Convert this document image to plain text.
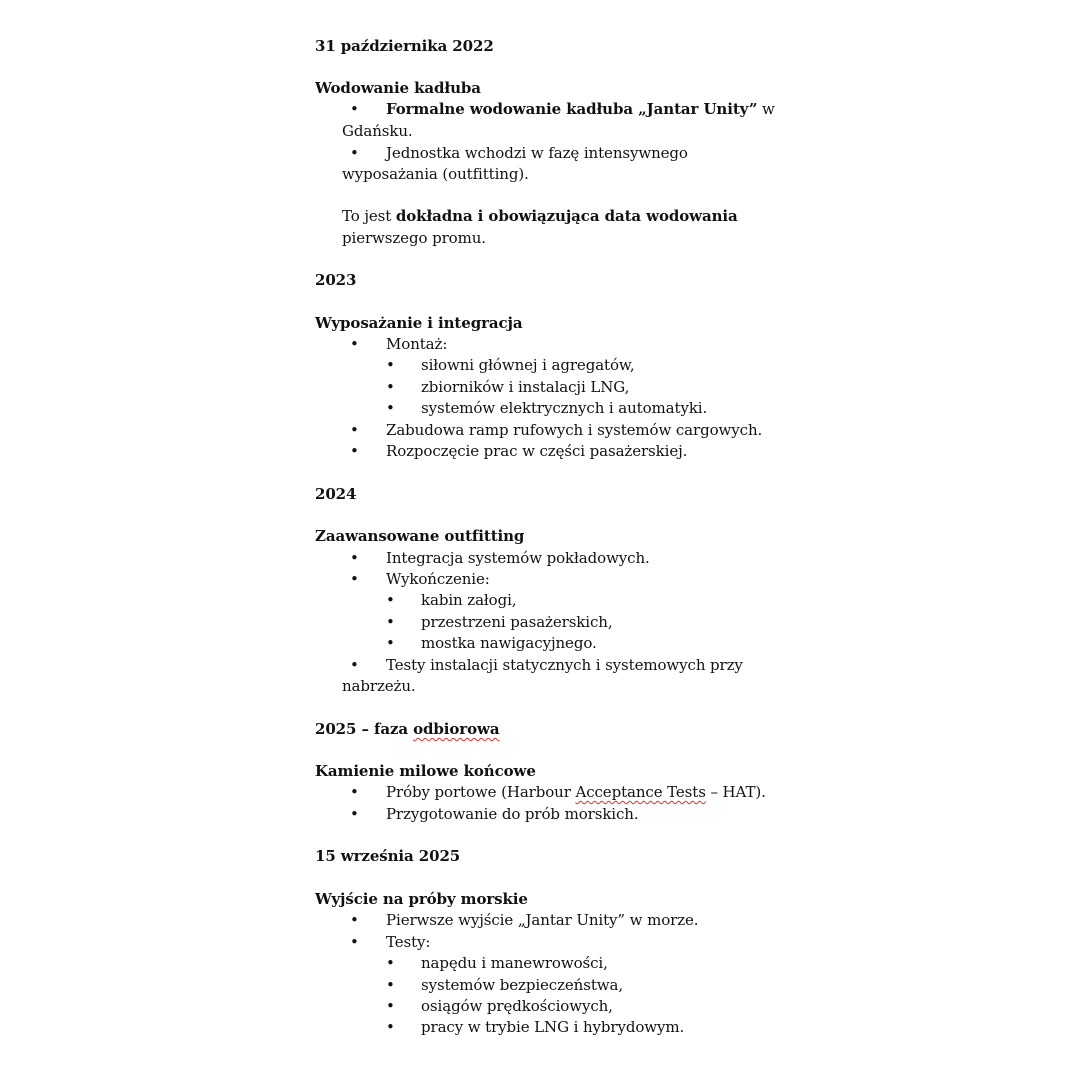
31 października 2022
Wodowanie kadłuba
• Formalne wodowanie kadłuba „Jantar Unity” w
Gdańsku.
• Jednostka wchodzi w fazę intensywnego
wyposażania (outfitting).
To jest dokładna i obowiązująca data wodowania
pierwszego promu.
2023
Wyposażanie i integracja
• Montaż:
• siłowni głównej i agregatów,
• zbiorników i instalacji LNG,
• systemów elektrycznych i automatyki.
• Zabudowa ramp rufowych i systemów cargowych.
• Rozpoczęcie prac w części pasażerskiej.
2024
Zaawansowane outfitting
• Integracja systemów pokładowych.
• Wykończenie:
• kabin załogi,
• przestrzeni pasażerskich,
• mostka nawigacyjnego.
• Testy instalacji statycznych i systemowych przy
nabrzeżu.
2025 – faza odbiorowa
Kamienie milowe końcowe
• Próby portowe (Harbour Acceptance Tests – HAT).
• Przygotowanie do prób morskich.
15 września 2025
Wyjście na próby morskie
• Pierwsze wyjście „Jantar Unity” w morze.
• Testy:
• napędu i manewrowości,
• systemów bezpieczeństwa,
• osiągów prędkościowych,
• pracy w trybie LNG i hybrydowym.
